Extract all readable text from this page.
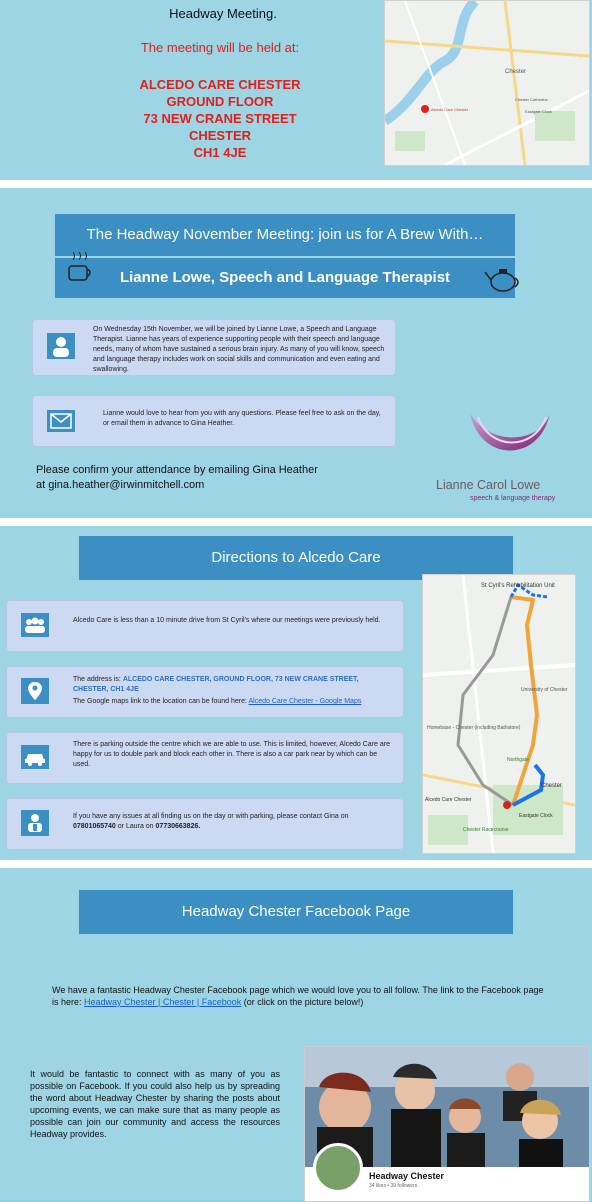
Headway Meeting.
The meeting will be held at:
ALCEDO CARE CHESTER
GROUND FLOOR
73 NEW CRANE STREET
CHESTER
CH1 4JE
Chester
Alcedo Care Chester
Chester Cathedral
Eastgate Clock
The Headway November Meeting: join us for A Brew With…
Lianne Lowe, Speech and Language Therapist
On Wednesday 15th November, we will be joined by Lianne Lowe, a Speech and Language Therapist. Lianne has years of experience supporting people with their speech and language needs, many of whom have sustained a serious brain injury. As many of you will know, speech and language therapy includes work on social skills and communication and even eating and swallowing.
Lianne would love to hear from you with any questions. Please feel free to ask on the day, or email them in advance to Gina Heather.
Please confirm your attendance by emailing Gina Heather
at gina.heather@irwinmitchell.com	Lianne Carol Lowe
speech & language therapy
Directions to Alcedo Care
Alcedo Care is less than a 10 minute drive from St Cyril's where our meetings were previously held.
The address is: ALCEDO CARE CHESTER, GROUND FLOOR, 73 NEW CRANE STREET, CHESTER, CH1 4JE
The Google maps link to the location can be found here: Alcedo Care Chester - Google Maps
There is parking outside the centre which we are able to use. This is limited, however, Alcedo Care are happy for us to double park and block each other in. There is also a car park near by which can be used.
If you have any issues at all finding us on the day or with parking, please contact Gina on 07801065740 or Laura on 07730663826.
St Cyril's Rehabilitation Unit
University of Chester
Homebase - Chester (including Bathstore)
Northgate
Chester
Alcedo Care Chester
Eastgate Clock
Chester Racecourse
Headway Chester Facebook Page
We have a fantastic Headway Chester Facebook page which we would love you to all follow. The link to the Facebook page is here: Headway Chester | Chester | Facebook (or click on the picture below!)
It would be fantastic to connect with as many of you as possible on Facebook. If you could also help us by spreading the word about Headway Chester by sharing the posts about upcoming events, we can make sure that as many people as possible can join our community and access the resources Headway provides.
Headway Chester
34 likes • 39 followers
